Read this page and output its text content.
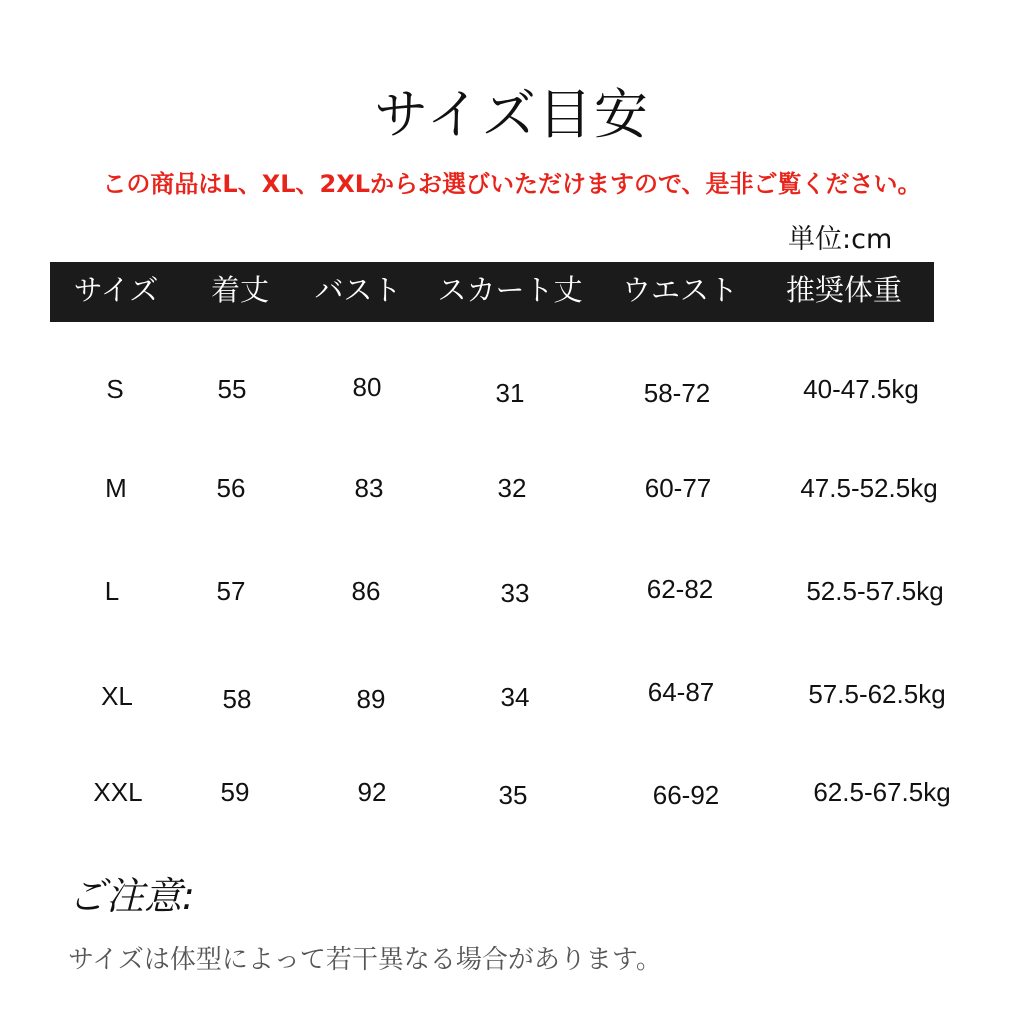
サイズ目安
この商品はL、XL、2XLからお選びいただけますので、是非ご覧ください。
単位:cm
サイズ 着丈 バスト スカート丈 ウエスト 推奨体重
S	55	80	31	58-72	40-47.5kg
M	56	83	32	60-77	47.5-52.5kg
L	57	86	33	62-82	52.5-57.5kg
XL	58	89	34	64-87	57.5-62.5kg
XXL	59	92	35	66-92	62.5-67.5kg
ご注意:
サイズは体型によって若干異なる場合があります。
